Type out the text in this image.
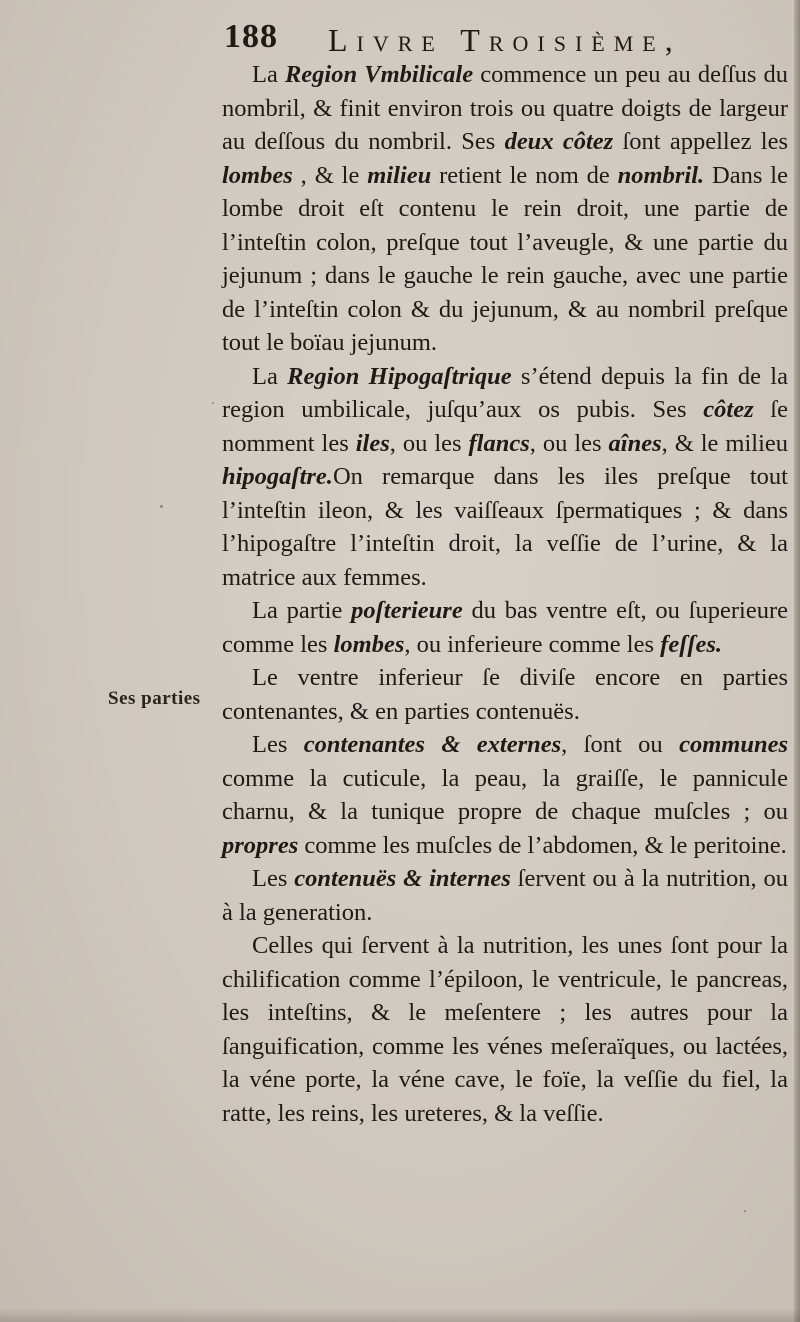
188 Livre Troisième,
Ses parties

La Region Vmbilicale commence un peu au deſſus du nombril, & finit environ trois ou quatre doigts de largeur au deſſous du nombril. Ses deux côtez ſont appellez les lombes , & le milieu retient le nom de nombril. Dans le lombe droit eſt contenu le rein droit, une partie de l’inteſtin colon, preſque tout l’aveugle, & une partie du jejunum ; dans le gauche le rein gauche, avec une partie de l’inteſtin colon & du jejunum, & au nombril preſque tout le boïau jejunum.

La Region Hipogaſtrique s’étend depuis la fin de la region umbilicale, juſqu’aux os pubis. Ses côtez ſe nomment les iles, ou les flancs, ou les aînes, & le milieu hipogaſtre.On remarque dans les iles preſque tout l’inteſtin ileon, & les vaiſſeaux ſpermatiques ; & dans l’hipogaſtre l’inteſtin droit, la veſſie de l’urine, & la matrice aux femmes.

La partie poſterieure du bas ventre eſt, ou ſuperieure comme les lombes, ou inferieure comme les feſſes.

Le ventre inferieur ſe diviſe encore en parties contenantes, & en parties contenuës.

Les contenantes & externes, ſont ou communes comme la cuticule, la peau, la graiſſe, le pannicule charnu, & la tunique propre de chaque muſcles ; ou propres comme les muſcles de l’abdomen, & le peritoine.

Les contenuës & internes ſervent ou à la nutrition, ou à la generation.

Celles qui ſervent à la nutrition, les unes ſont pour la chilification comme l’épiloon, le ventricule, le pancreas, les inteſtins, & le meſentere ; les autres pour la ſanguification, comme les vénes meſeraïques, ou lactées, la véne porte, la véne cave, le foïe, la veſſie du fiel, la ratte, les reins, les ureteres, & la veſſie.
